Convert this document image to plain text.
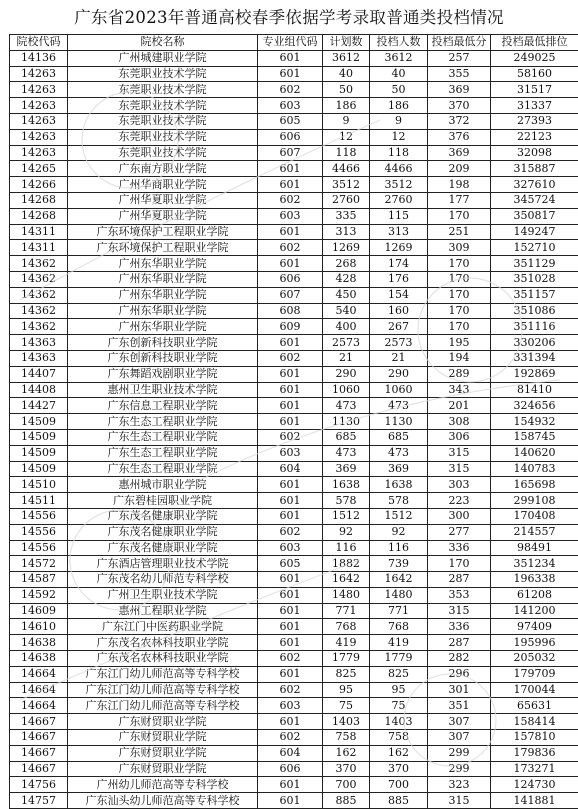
广东省2023年普通高校春季依据学考录取普通类投档情况
院校代码	院校名称	专业组代码	计划数	投档人数	投档最低分	投档最低排位
14136	广州城建职业学院	601	3612	3612	257	249025
14263	东莞职业技术学院	601	40	40	355	58160
14263	东莞职业技术学院	602	50	50	369	31517
14263	东莞职业技术学院	603	186	186	370	31337
14263	东莞职业技术学院	605	9	9	372	27393
14263	东莞职业技术学院	606	12	12	376	22123
14263	东莞职业技术学院	607	118	118	369	32098
14265	广东南方职业学院	601	4466	4466	209	315887
14266	广州华商职业学院	601	3512	3512	198	327610
14268	广州华夏职业学院	602	2760	2760	177	345724
14268	广州华夏职业学院	603	335	115	170	350817
14311	广东环境保护工程职业学院	601	313	313	251	149247
14311	广东环境保护工程职业学院	602	1269	1269	309	152710
14362	广州东华职业学院	601	268	174	170	351129
14362	广州东华职业学院	606	428	176	170	351028
14362	广州东华职业学院	607	450	154	170	351157
14362	广州东华职业学院	608	540	160	170	351086
14362	广州东华职业学院	609	400	267	170	351116
14363	广东创新科技职业学院	601	2573	2573	195	330206
14363	广东创新科技职业学院	602	21	21	194	331394
14407	广东舞蹈戏剧职业学院	601	290	290	289	192869
14408	惠州卫生职业技术学院	601	1060	1060	343	81410
14427	广东信息工程职业学院	601	473	473	201	324656
14509	广东生态工程职业学院	601	1130	1130	308	154932
14509	广东生态工程职业学院	602	685	685	306	158745
14509	广东生态工程职业学院	603	473	473	315	140620
14509	广东生态工程职业学院	604	369	369	315	140783
14510	惠州城市职业学院	601	1638	1638	303	165698
14511	广东碧桂园职业学院	601	578	578	223	299108
14556	广东茂名健康职业学院	601	1512	1512	300	170408
14556	广东茂名健康职业学院	602	92	92	277	214557
14556	广东茂名健康职业学院	603	116	116	336	98491
14572	广东酒店管理职业技术学院	605	1882	739	170	351234
14587	广东茂名幼儿师范专科学校	601	1642	1642	287	196338
14592	广州卫生职业技术学院	601	1480	1480	353	61208
14609	惠州工程职业学院	601	771	771	315	141200
14610	广东江门中医药职业学院	601	768	768	336	97409
14638	广东茂名农林科技职业学院	601	419	419	287	195996
14638	广东茂名农林科技职业学院	602	1779	1779	282	205032
14664	广东江门幼儿师范高等专科学校	601	825	825	296	179709
14664	广东江门幼儿师范高等专科学校	602	95	95	301	170044
14664	广东江门幼儿师范高等专科学校	603	75	75	351	65631
14667	广东财贸职业学院	601	1403	1403	307	158414
14667	广东财贸职业学院	602	758	758	307	157810
14667	广东财贸职业学院	604	162	162	299	179836
14667	广东财贸职业学院	606	370	370	299	173271
14756	广州幼儿师范高等专科学校	601	700	700	323	124730
14757	广东汕头幼儿师范高等专科学校	601	885	885	315	141881
